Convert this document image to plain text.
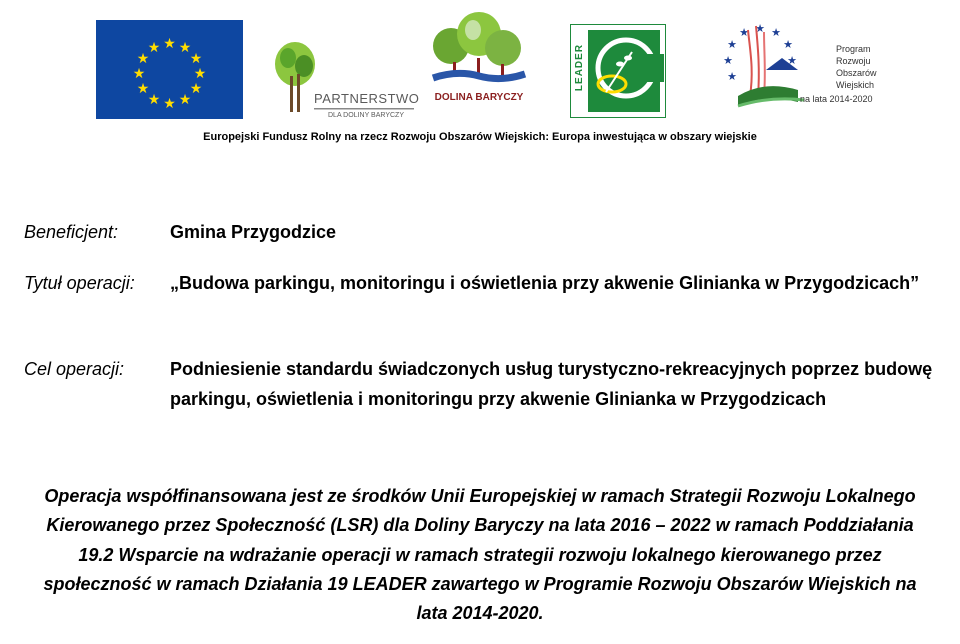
★ ★
★
★
★
★
★
★
★
★
★
★
PARTNERSTWO
DLA DOLINY BARYCZY
DOLINA BARYCZY
LEADER
★ ★
★
★
★
★
★
★
Program
Rozwoju
Obszarów
Wiejskich
na lata 2014-2020
Europejski Fundusz Rolny na rzecz Rozwoju Obszarów Wiejskich: Europa inwestująca w obszary wiejskie
Beneficjent:	Gmina Przygodzice
Tytuł operacji: „Budowa parkingu, monitoringu i oświetlenia przy akwenie Glinianka w Przygodzicach”
Cel operacji:	Podniesienie standardu świadczonych usług turystyczno-rekreacyjnych poprzez budowę parkingu, oświetlenia i monitoringu przy akwenie Glinianka w Przygodzicach
Operacja współfinansowana jest ze środków Unii Europejskiej w ramach Strategii Rozwoju Lokalnego Kierowanego przez Społeczność (LSR) dla Doliny Baryczy na lata 2016 – 2022 w ramach Poddziałania 19.2 Wsparcie na wdrażanie operacji w ramach strategii rozwoju lokalnego kierowanego przez społeczność w ramach Działania 19 LEADER zawartego w Programie Rozwoju Obszarów Wiejskich na lata 2014-2020.
